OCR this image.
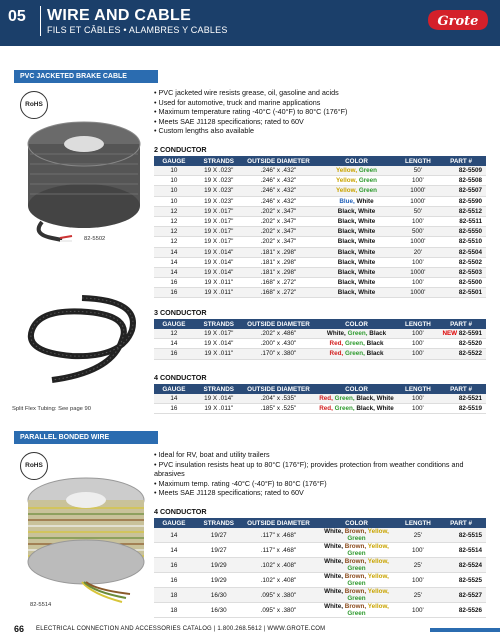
05 WIRE AND CABLE
FILS ET CÂBLES • ALAMBRES Y CABLES
Grote
PVC JACKETED BRAKE CABLE
RoHS
82-5502
Split Flex Tubing: See page 90
• PVC jacketed wire resists grease, oil, gasoline and acids
• Used for automotive, truck and marine applications
• Maximum temperature rating -40°C (-40°F) to 80°C (176°F)
• Meets SAE J1128 specifications; rated to 60V
• Custom lengths also available
2 CONDUCTOR
GAUGE	STRANDS	OUTSIDE DIAMETER	COLOR	LENGTH	PART #
10	19 X .023"	.246" x .432"	Yellow, Green	50'	82-5509
10	19 X .023"	.246" x .432"	Yellow, Green	100'	82-5508
10	19 X .023"	.246" x .432"	Yellow, Green	1000'	82-5507
10	19 X .023"	.246" x .432"	Blue, White	1000'	82-5590
12	19 X .017"	.202" x .347"	Black, White	50'	82-5512
12	19 X .017"	.202" x .347"	Black, White	100'	82-5511
12	19 X .017"	.202" x .347"	Black, White	500'	82-5550
12	19 X .017"	.202" x .347"	Black, White	1000'	82-5510
14	19 X .014"	.181" x .298"	Black, White	20'	82-5504
14	19 X .014"	.181" x .298"	Black, White	100'	82-5502
14	19 X .014"	.181" x .298"	Black, White	1000'	82-5503
16	19 X .011"	.168" x .272"	Black, White	100'	82-5500
16	19 X .011"	.168" x .272"	Black, White	1000'	82-5501
3 CONDUCTOR
GAUGE	STRANDS	OUTSIDE DIAMETER	COLOR	LENGTH	PART #
12	19 X .017"	.202" x .486"	White, Green, Black	100'	NEW 82-5591
14	19 X .014"	.200" x .430"	Red, Green, Black	100'	82-5520
16	19 X .011"	.170" x .380"	Red, Green, Black	100'	82-5522
4 CONDUCTOR
GAUGE	STRANDS	OUTSIDE DIAMETER	COLOR	LENGTH	PART #
14	19 X .014"	.204" x .535"	Red, Green, Black, White	100'	82-5521
16	19 X .011"	.185" x .525"	Red, Green, Black, White	100'	82-5519
PARALLEL BONDED WIRE
RoHS
82-5514
• Ideal for RV, boat and utility trailers
• PVC insulation resists heat up to 80°C (176°F); provides protection from weather conditions and abrasives
• Maximum temp. rating -40°C (-40°F) to 80°C (176°F)
• Meets SAE J1128 specifications; rated to 60V
4 CONDUCTOR
GAUGE	STRANDS	OUTSIDE DIAMETER	COLOR	LENGTH	PART #
14	19/27	.117" x .468"	White, Brown, Yellow, Green	25'	82-5515
14	19/27	.117" x .468"	White, Brown, Yellow, Green	100'	82-5514
16	19/29	.102" x .408"	White, Brown, Yellow, Green	25'	82-5524
16	19/29	.102" x .408"	White, Brown, Yellow, Green	100'	82-5525
18	16/30	.095" x .380"	White, Brown, Yellow, Green	25'	82-5527
18	16/30	.095" x .380"	White, Brown, Yellow, Green	100'	82-5526
66 ELECTRICAL CONNECTION AND ACCESSORIES CATALOG | 1.800.268.5612 | WWW.GROTE.COM
